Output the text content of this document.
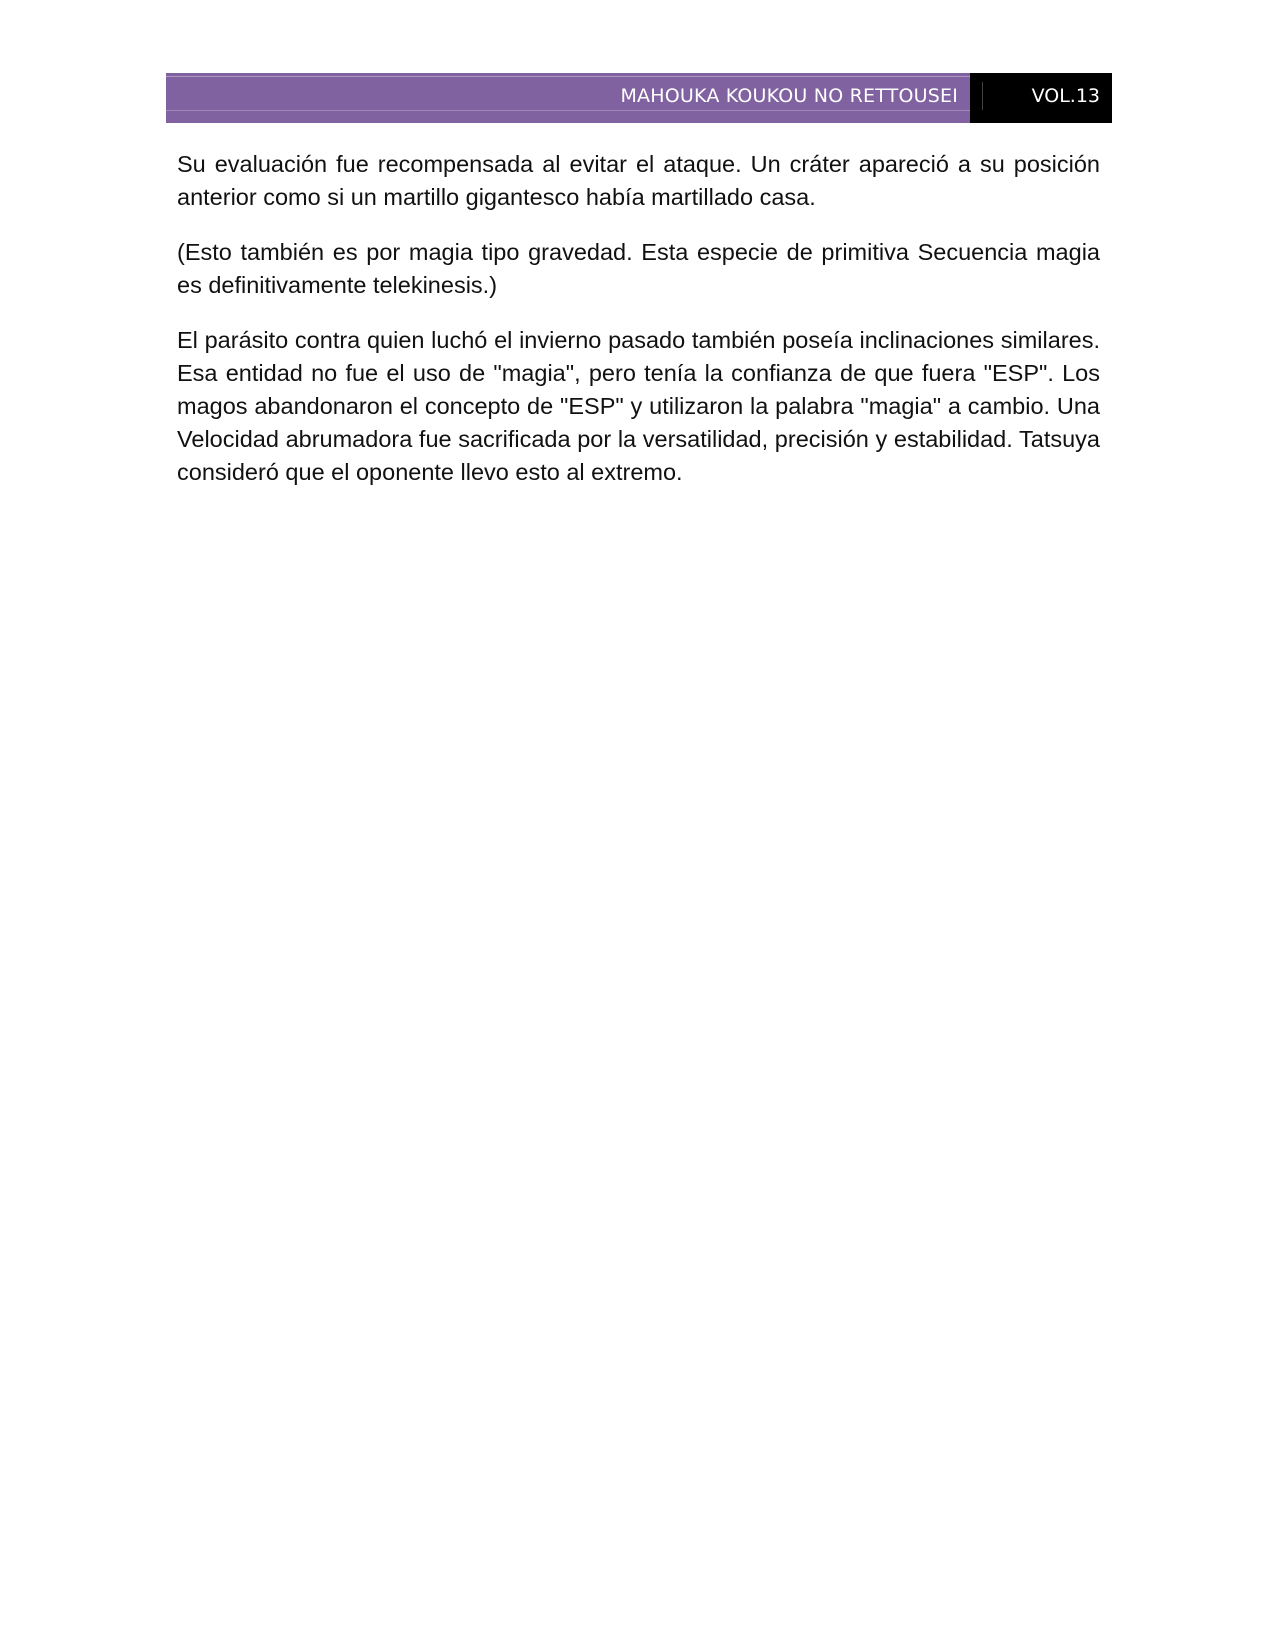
MAHOUKA KOUKOU NO RETTOUSEI	VOL.13

Su evaluación fue recompensada al evitar el ataque. Un cráter apareció a su posición anterior como si un martillo gigantesco había martillado casa.

(Esto también es por magia tipo gravedad. Esta especie de primitiva Secuencia magia es definitivamente telekinesis.)

El parásito contra quien luchó el invierno pasado también poseía inclinaciones similares. Esa entidad no fue el uso de "magia", pero tenía la confianza de que fuera "ESP". Los magos abandonaron el concepto de "ESP" y utilizaron la palabra "magia" a cambio. Una Velocidad abrumadora fue sacrificada por la versatilidad, precisión y estabilidad. Tatsuya consideró que el oponente llevo esto al extremo.
